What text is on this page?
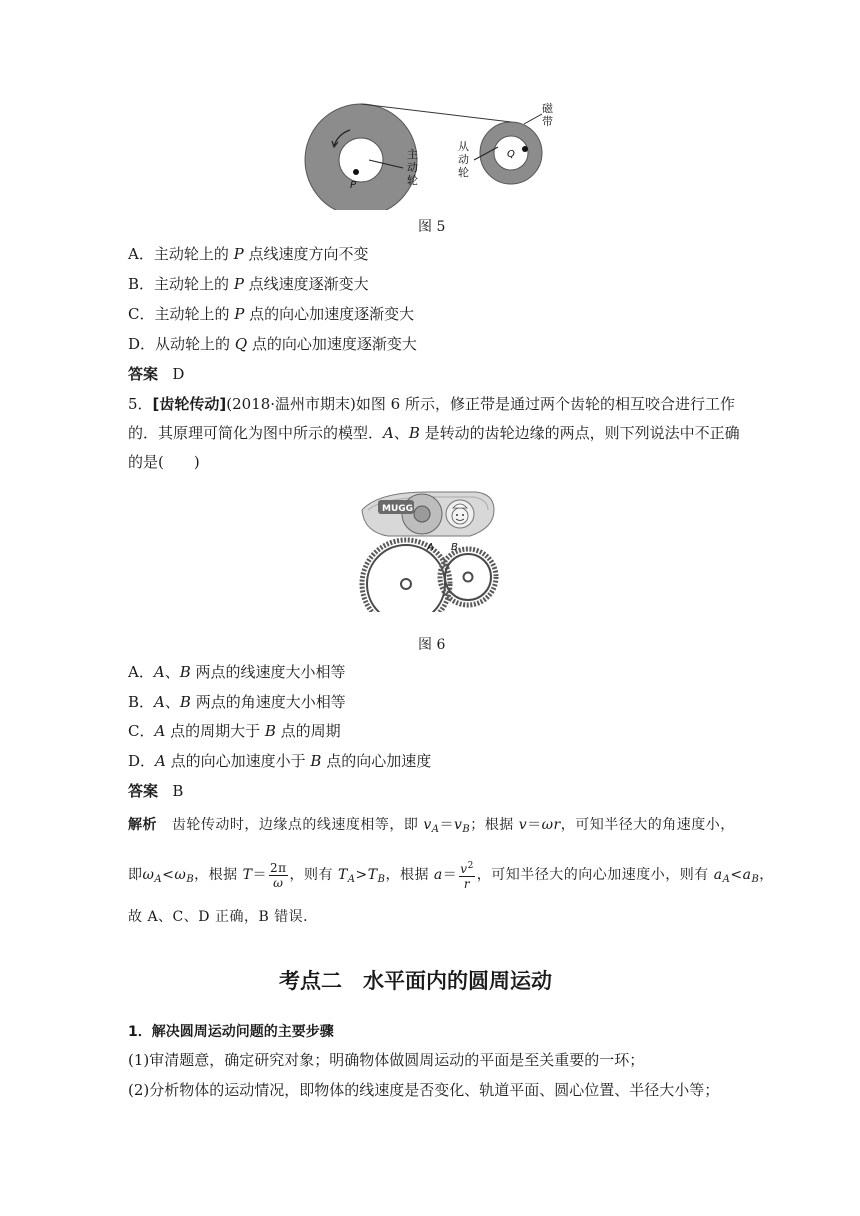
P
Q
主
动
轮
从
动
轮
磁
带
图 5
A．主动轮上的 P 点线速度方向不变
B．主动轮上的 P 点线速度逐渐变大
C．主动轮上的 P 点的向心加速度逐渐变大
D．从动轮上的 Q 点的向心加速度逐渐变大
答案 D
5．[齿轮传动](2018·温州市期末)如图 6 所示，修正带是通过两个齿轮的相互咬合进行工作
的．其原理可简化为图中所示的模型．A、B 是转动的齿轮边缘的两点，则下列说法中不正确
的是(　　)
MUGG
A B
图 6
A．A、B 两点的线速度大小相等
B．A、B 两点的角速度大小相等
C．A 点的周期大于 B 点的周期
D．A 点的向心加速度小于 B 点的向心加速度
答案 B
解析 齿轮传动时，边缘点的线速度相等，即 $v_A=v_B$；根据 v＝ωr，可知半径大的角速度小，
即$\omega_A<\omega_B$，根据 $T= \frac{2\pi}{\omega}$ ，则有 $T_A>T_B$，根据 $a= \frac{v^2}{r}$ ，可知半径大的向心加速度小，则有 $a_A<a_B$，
故 A、C、D 正确，B 错误．
考点二　水平面内的圆周运动
1．解决圆周运动问题的主要步骤
(1)审清题意，确定研究对象；明确物体做圆周运动的平面是至关重要的一环；
(2)分析物体的运动情况，即物体的线速度是否变化、轨道平面、圆心位置、半径大小等；
